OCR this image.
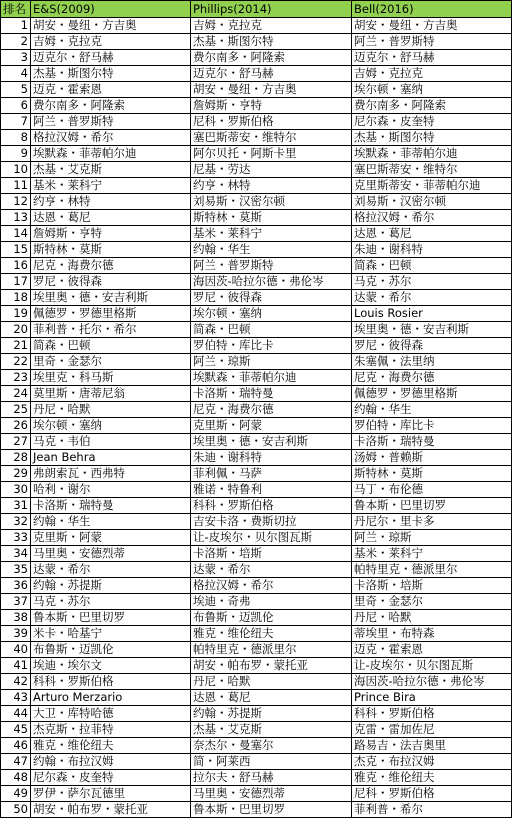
排名	E&S(2009)	Phillips(2014)	Bell(2016)
1	胡安・曼纽・方吉奥	吉姆・克拉克	胡安・曼纽・方吉奥
2	吉姆・克拉克	杰基・斯图尔特	阿兰・普罗斯特
3	迈克尔・舒马赫	费尔南多・阿隆索	迈克尔・舒马赫
4	杰基・斯图尔特	迈克尔・舒马赫	吉姆・克拉克
5	迈克・霍索恩	胡安・曼纽・方吉奥	埃尔顿・塞纳
6	费尔南多・阿隆索	詹姆斯・亨特	费尔南多・阿隆索
7	阿兰・普罗斯特	尼科・罗斯伯格	尼尔森・皮奎特
8	格拉汉姆・希尔	塞巴斯蒂安・维特尔	杰基・斯图尔特
9	埃默森・菲蒂帕尔迪	阿尔贝托・阿斯卡里	埃默森・菲蒂帕尔迪
10	杰基・艾克斯	尼基・劳达	塞巴斯蒂安・维特尔
11	基米・莱科宁	约亨・林特	克里斯蒂安・菲蒂帕尔迪
12	约亨・林特	刘易斯・汉密尔顿	刘易斯・汉密尔顿
13	达恩・葛尼	斯特林・莫斯	格拉汉姆・希尔
14	詹姆斯・亨特	基米・莱科宁	达恩・葛尼
15	斯特林・莫斯	约翰・华生	朱迪・谢科特
16	尼克・海费尔德	阿兰・普罗斯特	简森・巴顿
17	罗尼・彼得森	海因茨-哈拉尔德・弗伦岑	马克・苏尔
18	埃里奥・德・安吉利斯	罗尼・彼得森	达蒙・希尔
19	佩德罗・罗德里格斯	埃尔顿・塞纳	Louis Rosier
20	菲利普・托尔・希尔	简森・巴顿	埃里奥・德・安吉利斯
21	简森・巴顿	罗伯特・库比卡	罗尼・彼得森
22	里奇・金瑟尔	阿兰・琼斯	朱塞佩・法里纳
23	埃里克・科马斯	埃默森・菲蒂帕尔迪	尼克・海费尔德
24	莫里斯・唐蒂尼翁	卡洛斯・瑞特曼	佩德罗・罗德里格斯
25	丹尼・哈默	尼克・海费尔德	约翰・华生
26	埃尔顿・塞纳	克里斯・阿蒙	罗伯特・库比卡
27	马克・韦伯	埃里奥・德・安吉利斯	卡洛斯・瑞特曼
28	Jean Behra	朱迪・谢科特	汤姆・普赖斯
29	弗朗索瓦・西弗特	菲利佩・马萨	斯特林・莫斯
30	哈利・谢尔	雅诺・特鲁利	马丁・布伦德
31	卡洛斯・瑞特曼	科科・罗斯伯格	鲁本斯・巴里切罗
32	约翰・华生	吉安卡洛・费斯切拉	丹尼尔・里卡多
33	克里斯・阿蒙	让-皮埃尔・贝尔图瓦斯	阿兰・琼斯
34	马里奥・安德烈蒂	卡洛斯・培斯	基米・莱科宁
35	达蒙・希尔	达蒙・希尔	帕特里克・德派里尔
36	约翰・苏提斯	格拉汉姆・希尔	卡洛斯・培斯
37	马克・苏尔	埃迪・奇弗	里奇・金瑟尔
38	鲁本斯・巴里切罗	布鲁斯・迈凯伦	丹尼・哈默
39	米卡・哈基宁	雅克・维伦纽夫	蒂埃里・布特森
40	布鲁斯・迈凯伦	帕特里克・德派里尔	迈克・霍索恩
41	埃迪・埃尔文	胡安・帕布罗・蒙托亚	让-皮埃尔・贝尔图瓦斯
42	科科・罗斯伯格	丹尼・哈默	海因茨-哈拉尔德・弗伦岑
43	Arturo Merzario	达恩・葛尼	Prince Bira
44	大卫・库特哈德	约翰・苏提斯	科科・罗斯伯格
45	杰克斯・拉菲特	杰基・艾克斯	克雷・雷加佐尼
46	雅克・维伦纽夫	奈杰尔・曼塞尔	路易吉・法吉奥里
47	约翰・布拉汉姆	简・阿莱西	杰克・布拉汉姆
48	尼尔森・皮奎特	拉尔夫・舒马赫	雅克・维伦纽夫
49	罗伊・萨尔瓦德里	马里奥・安德烈蒂	尼科・罗斯伯格
50	胡安・帕布罗・蒙托亚	鲁本斯・巴里切罗	菲利普・希尔
